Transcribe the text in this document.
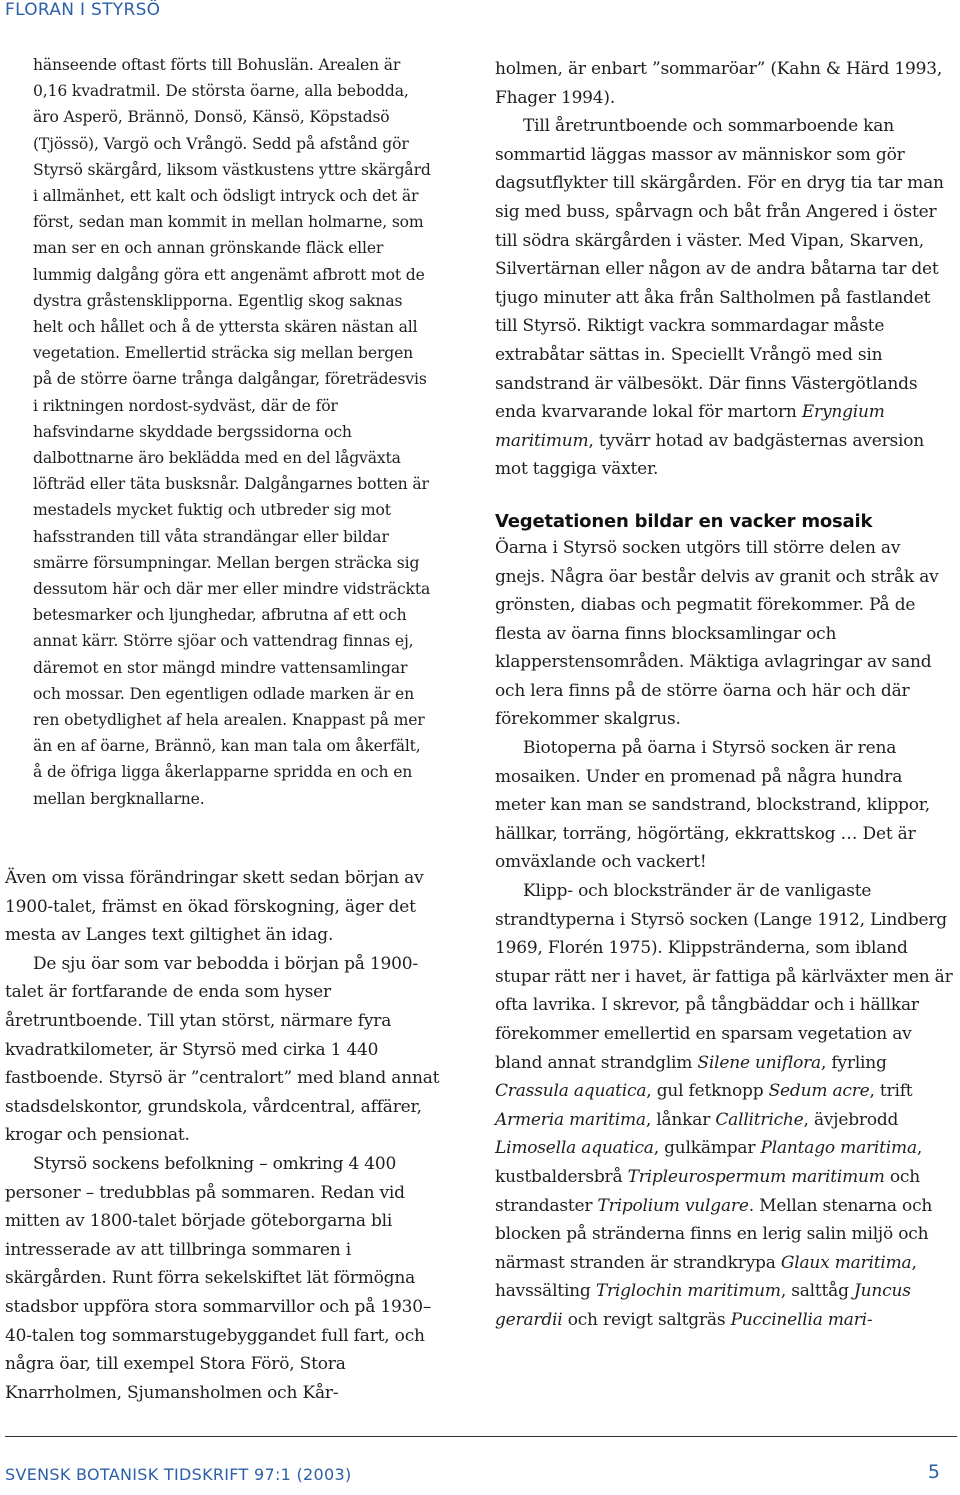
FLORAN I STYRSÖ

hänseende oftast förts till Bohuslän. Arealen är 0,16 kvadratmil. De största öarne, alla bebodda, äro Asperö, Brännö, Donsö, Känsö, Köpstadsö (Tjössö), Vargö och Vrångö. Sedd på afstånd gör Styrsö skärgård, liksom västkustens yttre skärgård i allmänhet, ett kalt och ödsligt intryck och det är först, sedan man kommit in mellan holmarne, som man ser en och annan grönskande fläck eller lummig dalgång göra ett angenämt afbrott mot de dystra gråstensklipporna. Egentlig skog saknas helt och hållet och å de yttersta skären nästan all vegetation. Emellertid sträcka sig mellan bergen på de större öarne trånga dalgångar, företrädesvis i riktningen nordost-sydväst, där de för hafsvindarne skyddade bergssidorna och dalbottnarne äro beklädda med en del lågväxta löfträd eller täta busksnår. Dalgångarnes botten är mestadels mycket fuktig och utbreder sig mot hafsstranden till våta strandängar eller bildar smärre försumpningar. Mellan bergen sträcka sig dessutom här och där mer eller mindre vidsträckta betesmarker och ljunghedar, afbrutna af ett och annat kärr. Större sjöar och vattendrag finnas ej, däremot en stor mängd mindre vattensamlingar och mossar. Den egentligen odlade marken är en ren obetydlighet af hela arealen. Knappast på mer än en af öarne, Brännö, kan man tala om åkerfält, å de öfriga ligga åkerlapparne spridda en och en mellan bergknallarne.

Även om vissa förändringar skett sedan början av 1900-talet, främst en ökad förskogning, äger det mesta av Langes text giltighet än idag.

De sju öar som var bebodda i början på 1900-talet är fortfarande de enda som hyser åretruntboende. Till ytan störst, närmare fyra kvadratkilometer, är Styrsö med cirka 1 440 fastboende. Styrsö är ”centralort” med bland annat stadsdelskontor, grundskola, vårdcentral, affärer, krogar och pensionat.

Styrsö sockens befolkning – omkring 4 400 personer – tredubblas på sommaren. Redan vid mitten av 1800-talet började göteborgarna bli intresserade av att tillbringa sommaren i skärgården. Runt förra sekelskiftet lät förmögna stadsbor uppföra stora sommarvillor och på 1930–40-talen tog sommarstugebyggandet full fart, och några öar, till exempel Stora Förö, Stora Knarrholmen, Sjumansholmen och Kår-

holmen, är enbart ”sommaröar” (Kahn & Härd 1993, Fhager 1994).

Till åretruntboende och sommarboende kan sommartid läggas massor av människor som gör dagsutflykter till skärgården. För en dryg tia tar man sig med buss, spårvagn och båt från Angered i öster till södra skärgården i väster. Med Vipan, Skarven, Silvertärnan eller någon av de andra båtarna tar det tjugo minuter att åka från Saltholmen på fastlandet till Styrsö. Riktigt vackra sommardagar måste extrabåtar sättas in. Speciellt Vrångö med sin sandstrand är välbesökt. Där finns Västergötlands enda kvarvarande lokal för martorn Eryngium maritimum, tyvärr hotad av badgästernas aversion mot taggiga växter.

Vegetationen bildar en vacker mosaik

Öarna i Styrsö socken utgörs till större delen av gnejs. Några öar består delvis av granit och stråk av grönsten, diabas och pegmatit förekommer. På de flesta av öarna finns blocksamlingar och klapperstensområden. Mäktiga avlagringar av sand och lera finns på de större öarna och här och där förekommer skalgrus.

Biotoperna på öarna i Styrsö socken är rena mosaiken. Under en promenad på några hundra meter kan man se sandstrand, blockstrand, klippor, hällkar, torräng, högörtäng, ekkrattskog … Det är omväxlande och vackert!

Klipp- och blockstränder är de vanligaste strandtyperna i Styrsö socken (Lange 1912, Lindberg 1969, Florén 1975). Klippstränderna, som ibland stupar rätt ner i havet, är fattiga på kärlväxter men är ofta lavrika. I skrevor, på tångbäddar och i hällkar förekommer emellertid en sparsam vegetation av bland annat strandglim Silene uniflora, fyrling Crassula aquatica, gul fetknopp Sedum acre, trift Armeria maritima, lånkar Callitriche, ävjebrodd Limosella aquatica, gulkämpar Plantago maritima, kustbaldersbrå Tripleurospermum maritimum och strandaster Tripolium vulgare. Mellan stenarna och blocken på stränderna finns en lerig salin miljö och närmast stranden är strandkrypa Glaux maritima, havssälting Triglochin maritimum, salttåg Juncus gerardii och revigt saltgräs Puccinellia mari-

SVENSK BOTANISK TIDSKRIFT 97:1 (2003)	5
